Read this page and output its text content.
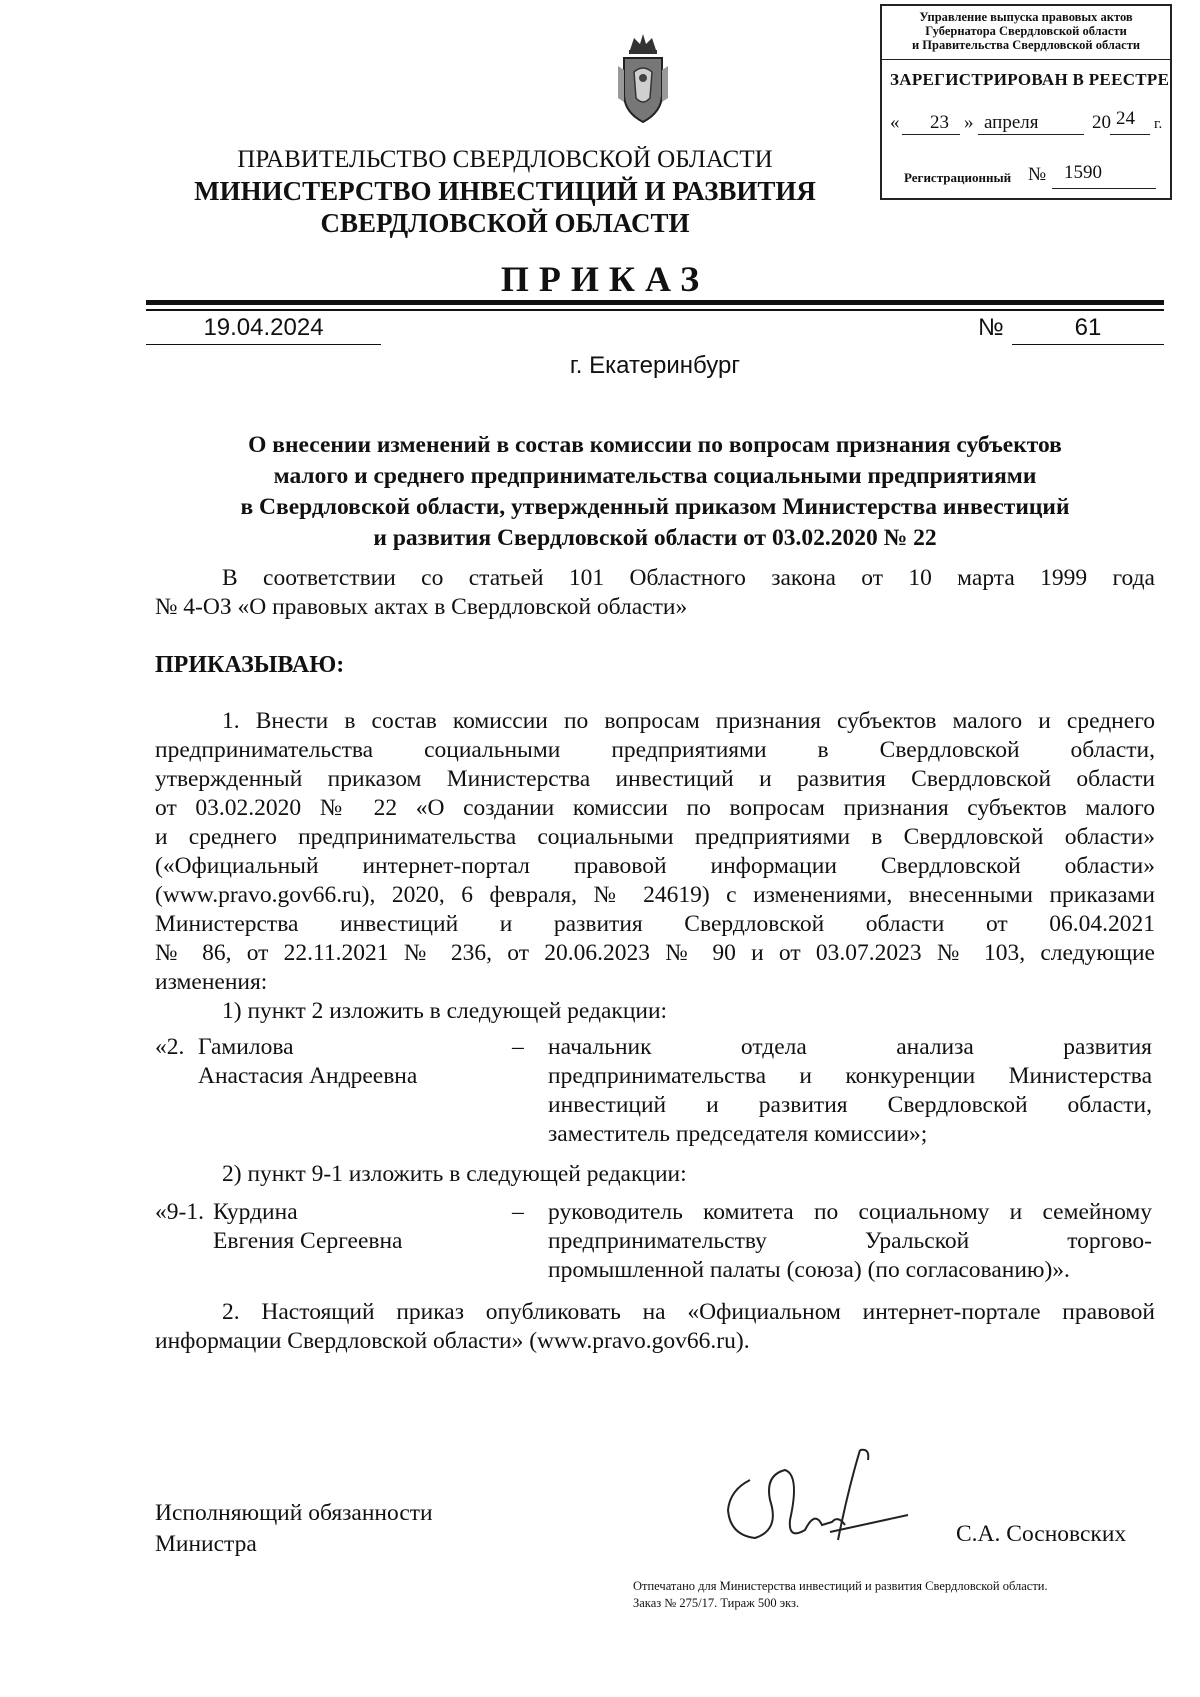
Управление выпуска правовых актов
Губернатора Свердловской области
и Правительства Свердловской области
ЗАРЕГИСТРИРОВАН В РЕЕСТРЕ
« 23 » апреля	20 24 г.
Регистрационный № 1590
ПРАВИТЕЛЬСТВО СВЕРДЛОВСКОЙ ОБЛАСТИ
МИНИСТЕРСТВО ИНВЕСТИЦИЙ И РАЗВИТИЯ
СВЕРДЛОВСКОЙ ОБЛАСТИ
ПРИКАЗ
19.04.2024	№	61
г. Екатеринбург
О внесении изменений в состав комиссии по вопросам признания субъектов
малого и среднего предпринимательства социальными предприятиями
в Свердловской области, утвержденный приказом Министерства инвестиций
и развития Свердловской области от 03.02.2020 № 22
В соответствии со статьей 101 Областного закона от 10 марта 1999 года
№ 4-ОЗ «О правовых актах в Свердловской области»
ПРИКАЗЫВАЮ:
1. Внести в состав комиссии по вопросам признания субъектов малого и среднего
предпринимательства социальными предприятиями в Свердловской области,
утвержденный приказом Министерства инвестиций и развития Свердловской области
от 03.02.2020 № 22 «О создании комиссии по вопросам признания субъектов малого
и среднего предпринимательства социальными предприятиями в Свердловской области»
(«Официальный интернет-портал правовой информации Свердловской области»
(www.pravo.gov66.ru), 2020, 6 февраля, № 24619) с изменениями, внесенными приказами
Министерства инвестиций и развития Свердловской области от 06.04.2021
№ 86, от 22.11.2021 № 236, от 20.06.2023 № 90 и от 03.07.2023 № 103, следующие
изменения:
1) пункт 2 изложить в следующей редакции:
«2. Гамилова
Анастасия Андреевна
– начальник отдела анализа развития
предпринимательства и конкуренции Министерства
инвестиций и развития Свердловской области,
заместитель председателя комиссии»;
2) пункт 9-1 изложить в следующей редакции:
«9-1. Курдина
Евгения Сергеевна
– руководитель комитета по социальному и семейному
предпринимательству Уральской торгово-
промышленной палаты (союза) (по согласованию)».
2. Настоящий приказ опубликовать на «Официальном интернет-портале правовой
информации Свердловской области» (www.pravo.gov66.ru).
Исполняющий обязанности
Министра	С.А. Сосновских
Отпечатано для Министерства инвестиций и развития Свердловской области.
Заказ № 275/17. Тираж 500 экз.
